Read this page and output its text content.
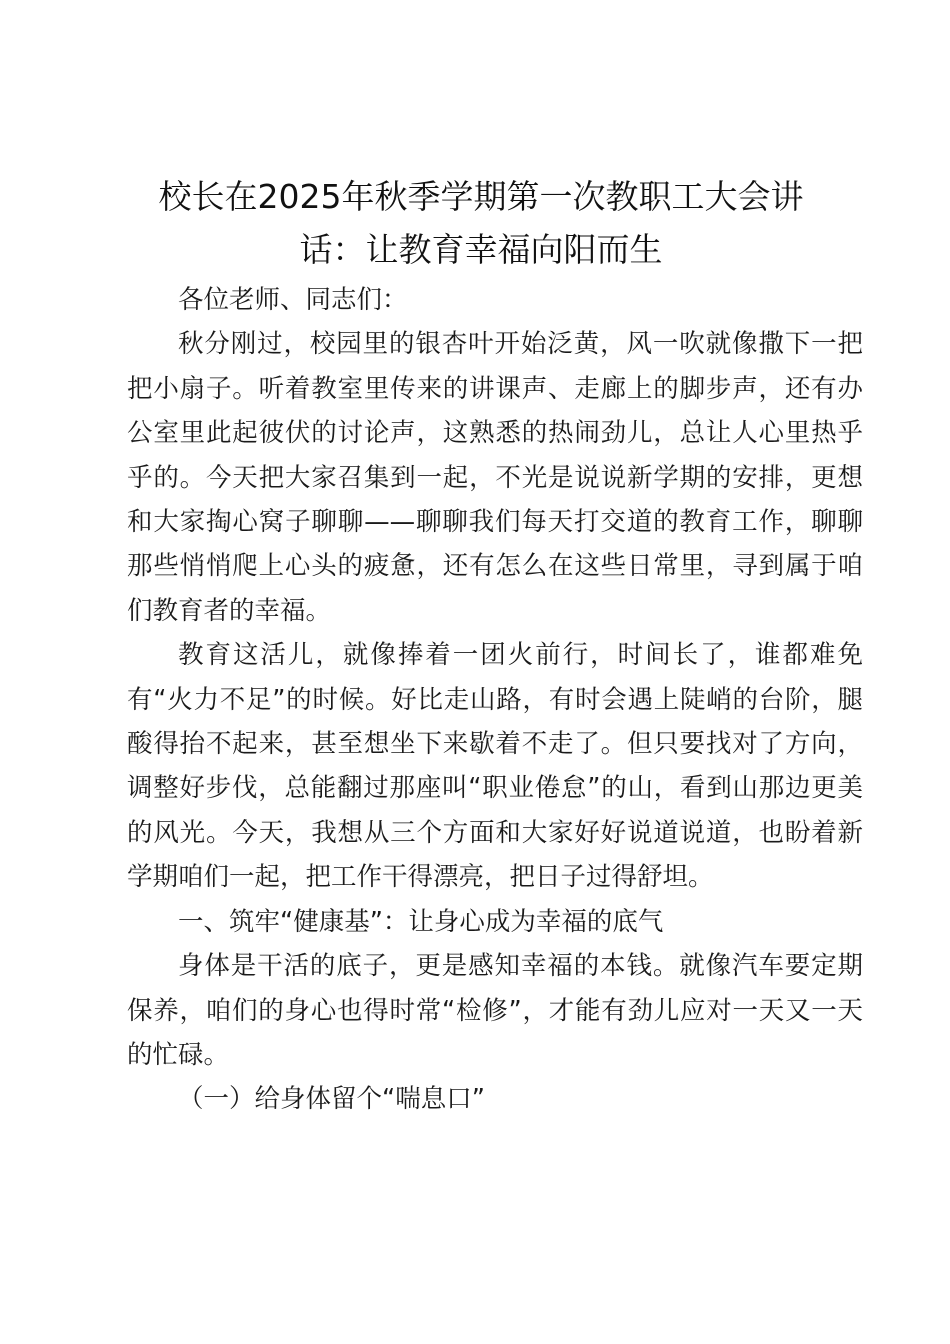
校长在2025年秋季学期第一次教职工大会讲话：让教育幸福向阳而生

各位老师、同志们：

秋分刚过，校园里的银杏叶开始泛黄，风一吹就像撒下一把把小扇子。听着教室里传来的讲课声、走廊上的脚步声，还有办公室里此起彼伏的讨论声，这熟悉的热闹劲儿，总让人心里热乎乎的。今天把大家召集到一起，不光是说说新学期的安排，更想和大家掏心窝子聊聊——聊聊我们每天打交道的教育工作，聊聊那些悄悄爬上心头的疲惫，还有怎么在这些日常里，寻到属于咱们教育者的幸福。

教育这活儿，就像捧着一团火前行，时间长了，谁都难免有“火力不足”的时候。好比走山路，有时会遇上陡峭的台阶，腿酸得抬不起来，甚至想坐下来歇着不走了。但只要找对了方向，调整好步伐，总能翻过那座叫“职业倦怠”的山，看到山那边更美的风光。今天，我想从三个方面和大家好好说道说道，也盼着新学期咱们一起，把工作干得漂亮，把日子过得舒坦。

一、筑牢“健康基”：让身心成为幸福的底气

身体是干活的底子，更是感知幸福的本钱。就像汽车要定期保养，咱们的身心也得时常“检修”，才能有劲儿应对一天又一天的忙碌。

（一）给身体留个“喘息口”
